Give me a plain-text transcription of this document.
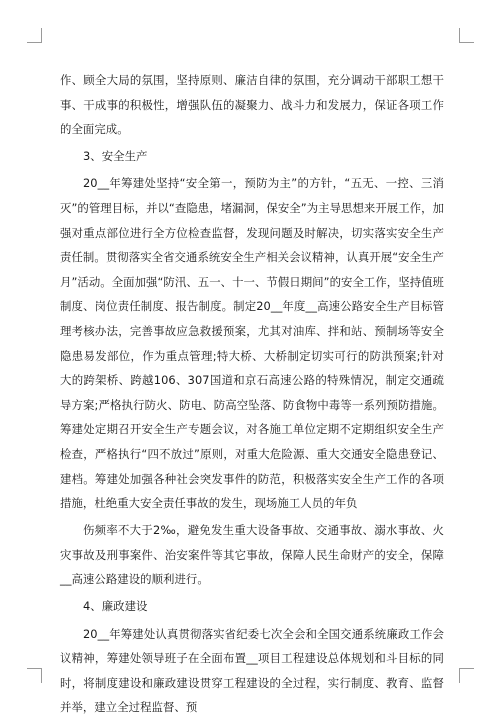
作、顾全大局的氛围，坚持原则、廉洁自律的氛围，充分调动干部职工想干事、干成事的积极性，增强队伍的凝聚力、战斗力和发展力，保证各项工作的全面完成。

3、安全生产

20__年筹建处坚持“安全第一，预防为主”的方针，“五无、一控、三消灭”的管理目标，并以“查隐患，堵漏洞，保安全”为主导思想来开展工作，加强对重点部位进行全方位检查监督，发现问题及时解决，切实落实安全生产责任制。贯彻落实全省交通系统安全生产相关会议精神，认真开展“安全生产月”活动。全面加强“防汛、五一、十一、节假日期间”的安全工作，坚持值班制度、岗位责任制度、报告制度。制定20__年度__高速公路安全生产目标管理考核办法，完善事故应急救援预案，尤其对油库、拌和站、预制场等安全隐患易发部位，作为重点管理;特大桥、大桥制定切实可行的防洪预案;针对大的跨架桥、跨越106、307国道和京石高速公路的特殊情况，制定交通疏导方案;严格执行防火、防电、防高空坠落、防食物中毒等一系列预防措施。筹建处定期召开安全生产专题会议，对各施工单位定期不定期组织安全生产检查，严格执行“四不放过”原则，对重大危险源、重大交通安全隐患登记、建档。筹建处加强各种社会突发事件的防范，积极落实安全生产工作的各项措施，杜绝重大安全责任事故的发生，现场施工人员的年负

伤频率不大于2‰，避免发生重大设备事故、交通事故、溺水事故、火灾事故及刑事案件、治安案件等其它事故，保障人民生命财产的安全，保障__高速公路建设的顺利进行。

4、廉政建设

20__年筹建处认真贯彻落实省纪委七次全会和全国交通系统廉政工作会议精神，筹建处领导班子在全面布置__项目工程建设总体规划和斗目标的同时，将制度建设和廉政建设贯穿工程建设的全过程，实行制度、教育、监督并举，建立全过程监督、预
